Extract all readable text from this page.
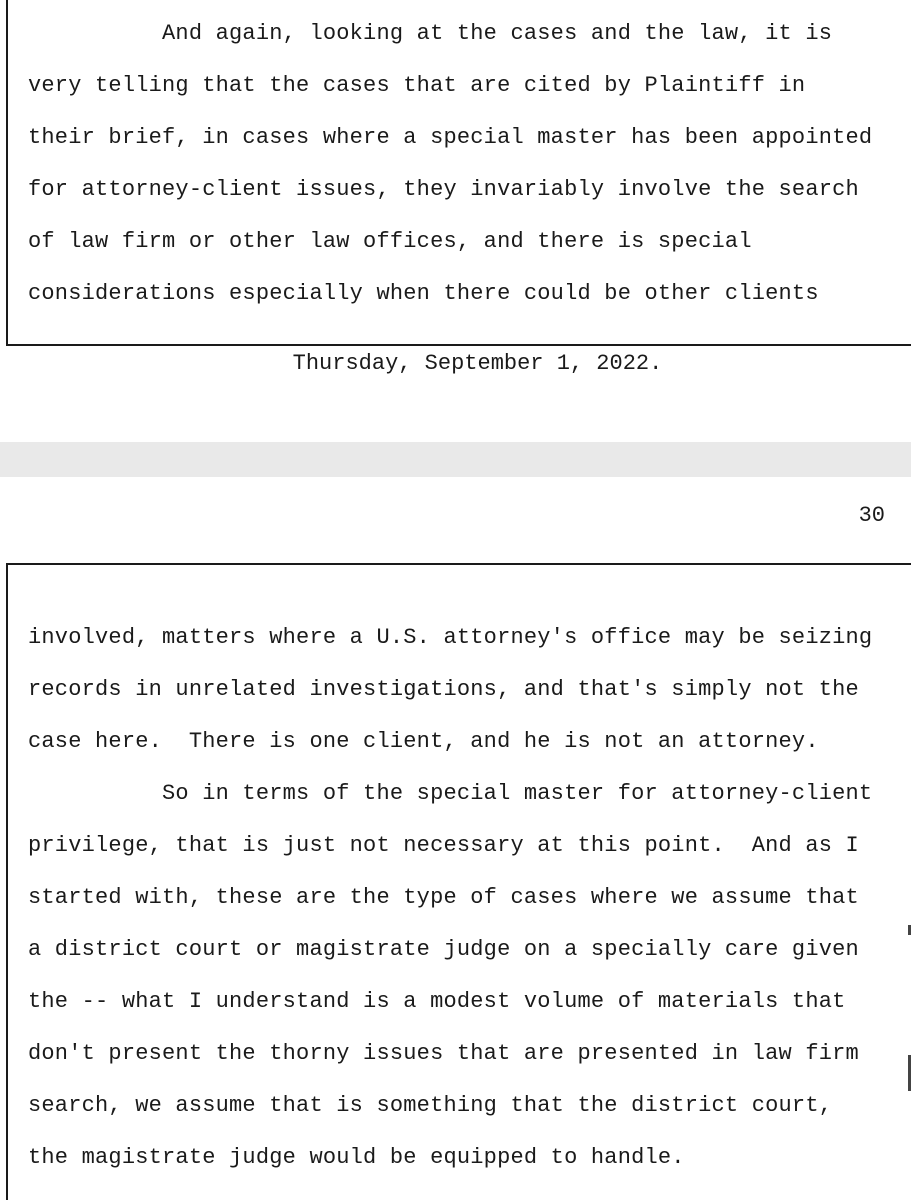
And again, looking at the cases and the law, it is
very telling that the cases that are cited by Plaintiff in
their brief, in cases where a special master has been appointed
for attorney-client issues, they invariably involve the search
of law firm or other law offices, and there is special
considerations especially when there could be other clients
Thursday, September 1, 2022.
30
involved, matters where a U.S. attorney's office may be seizing
records in unrelated investigations, and that's simply not the
case here.  There is one client, and he is not an attorney.
So in terms of the special master for attorney-client
privilege, that is just not necessary at this point.  And as I
started with, these are the type of cases where we assume that
a district court or magistrate judge on a specially care given
the -- what I understand is a modest volume of materials that
don't present the thorny issues that are presented in law firm
search, we assume that is something that the district court,
the magistrate judge would be equipped to handle.
